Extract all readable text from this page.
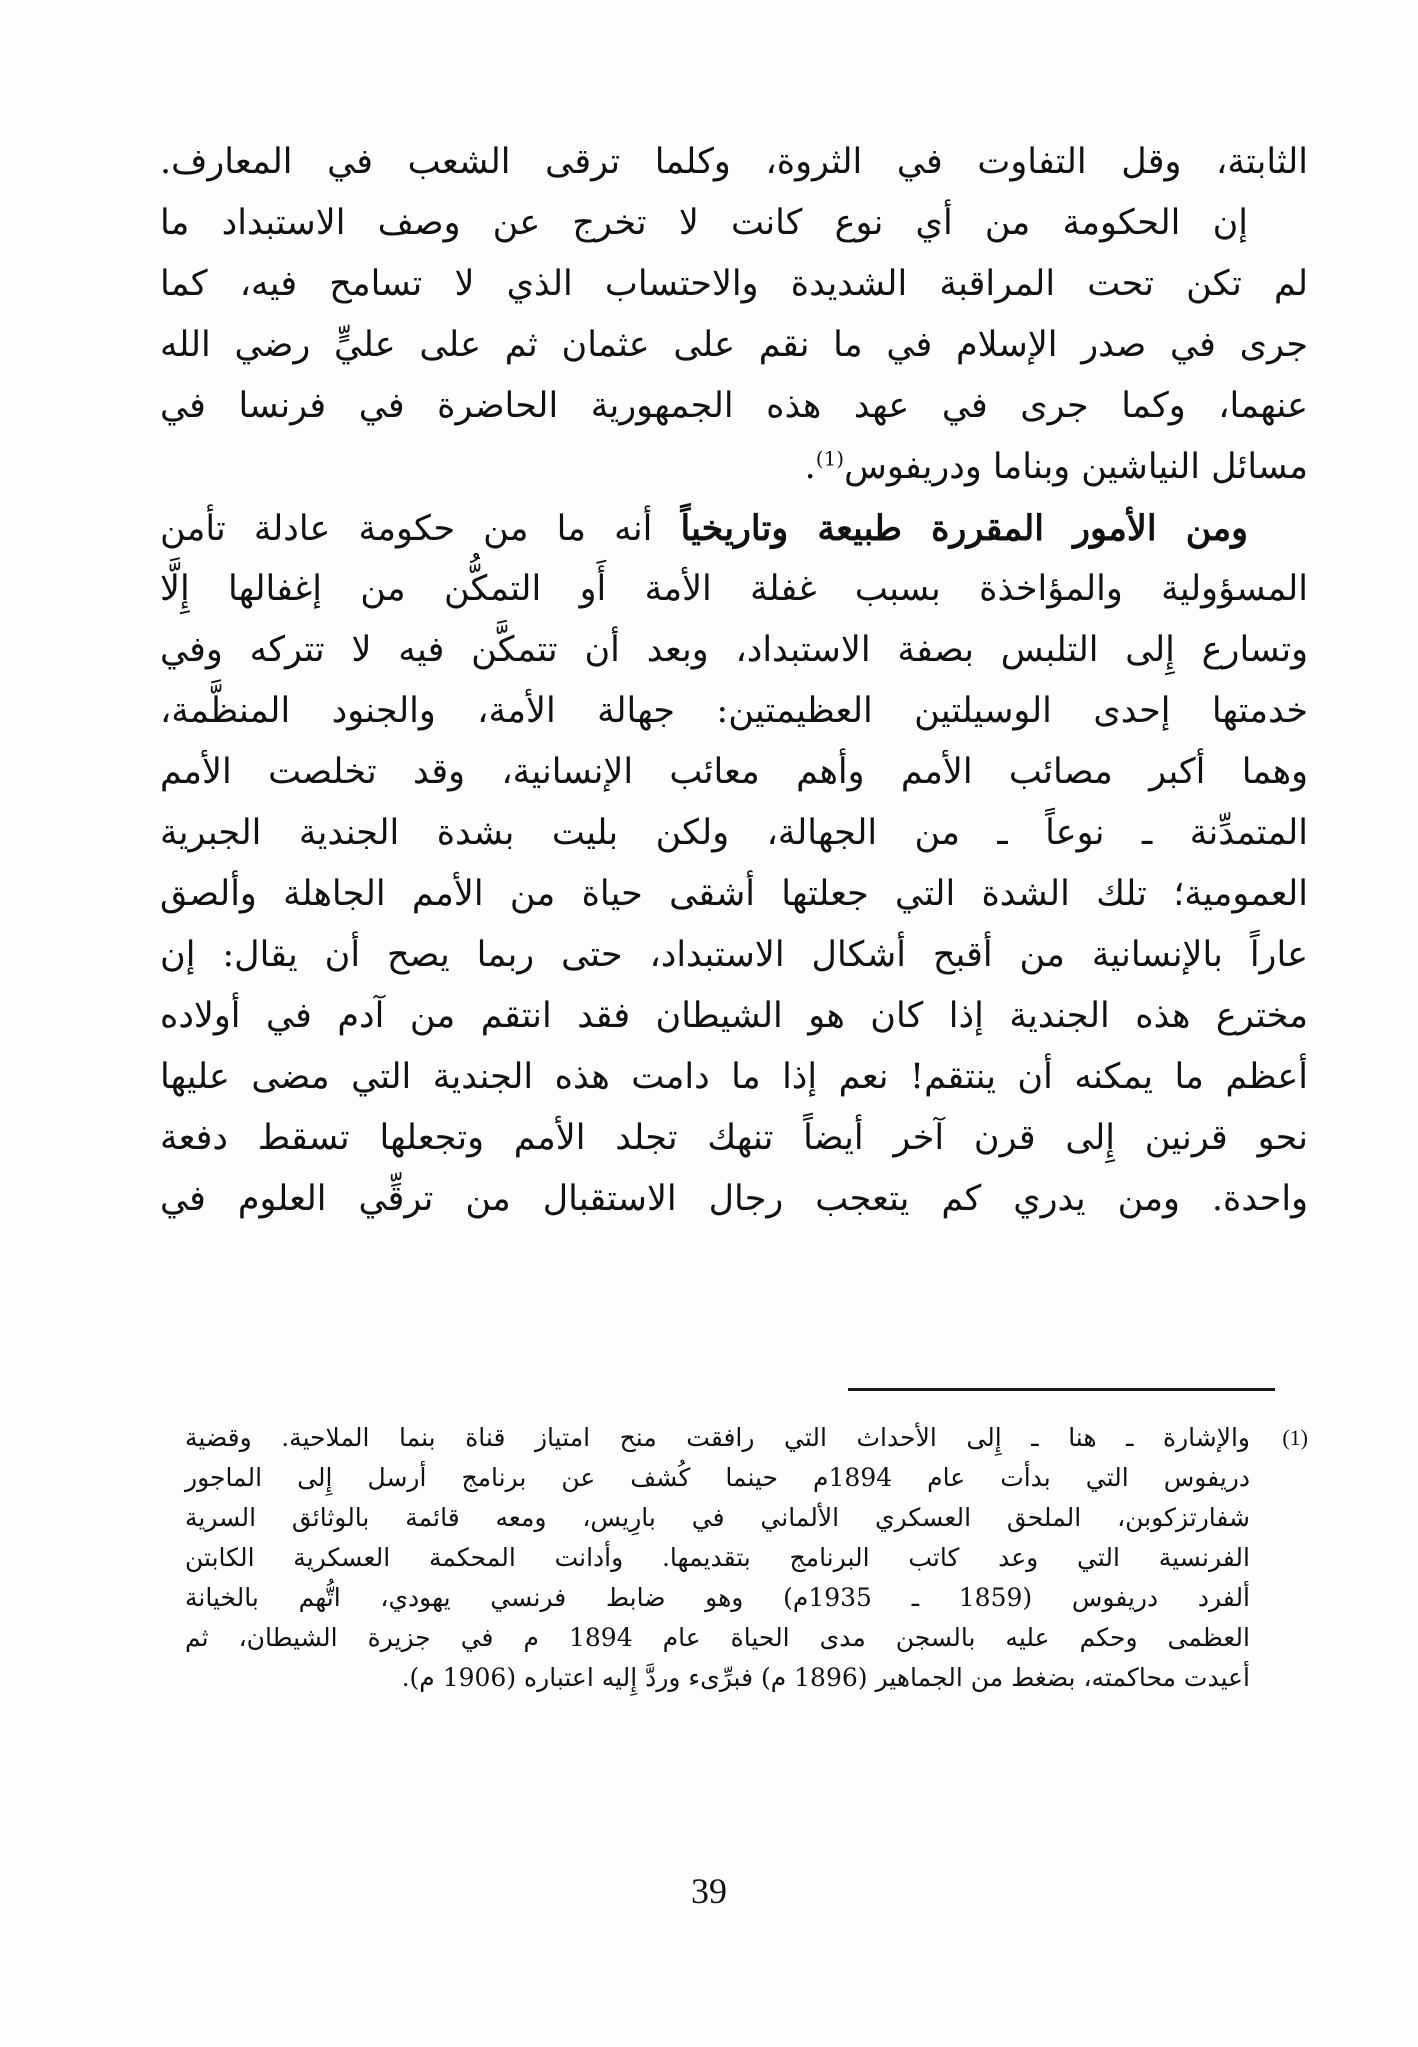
الثابتة، وقل التفاوت في الثروة، وكلما ترقى الشعب في المعارف.
إن الحكومة من أي نوع كانت لا تخرج عن وصف الاستبداد ما
لم تكن تحت المراقبة الشديدة والاحتساب الذي لا تسامح فيه، كما
جرى في صدر الإسلام في ما نقم على عثمان ثم على عليٍّ رضي الله
عنهما، وكما جرى في عهد هذه الجمهورية الحاضرة في فرنسا في
مسائل النياشين وبناما ودريفوس$^{(1)}$.
ومن الأمور المقررة طبيعة وتاريخياً أنه ما من حكومة عادلة تأمن
المسؤولية والمؤاخذة بسبب غفلة الأمة أَو التمكُّن من إغفالها إِلَّا
وتسارع إِلى التلبس بصفة الاستبداد، وبعد أن تتمكَّن فيه لا تتركه وفي
خدمتها إحدى الوسيلتين العظيمتين: جهالة الأمة، والجنود المنظَّمة،
وهما أكبر مصائب الأمم وأهم معائب الإنسانية، وقد تخلصت الأمم
المتمدِّنة ـ نوعاً ـ من الجهالة، ولكن بليت بشدة الجندية الجبرية
العمومية؛ تلك الشدة التي جعلتها أشقى حياة من الأمم الجاهلة وألصق
عاراً بالإنسانية من أقبح أشكال الاستبداد، حتى ربما يصح أن يقال: إن
مخترع هذه الجندية إذا كان هو الشيطان فقد انتقم من آدم في أولاده
أعظم ما يمكنه أن ينتقم! نعم إذا ما دامت هذه الجندية التي مضى عليها
نحو قرنين إِلى قرن آخر أيضاً تنهك تجلد الأمم وتجعلها تسقط دفعة
واحدة. ومن يدري كم يتعجب رجال الاستقبال من ترقِّي العلوم في
(1)
والإشارة ـ هنا ـ إِلى الأحداث التي رافقت منح امتياز قناة بنما الملاحية. وقضية
دريفوس التي بدأت عام 1894م حينما كُشف عن برنامج أرسل إِلى الماجور
شفارتزكوبن، الملحق العسكري الألماني في بارِيس، ومعه قائمة بالوثائق السرية
الفرنسية التي وعد كاتب البرنامج بتقديمها. وأدانت المحكمة العسكرية الكابتن
ألفرد دريفوس (1859 ـ 1935م) وهو ضابط فرنسي يهودي، اتُّهم بالخيانة
العظمى وحكم عليه بالسجن مدى الحياة عام 1894 م في جزيرة الشيطان، ثم
أعيدت محاكمته، بضغط من الجماهير (1896 م) فبرِّىء وردَّ إِليه اعتباره (1906 م).
39
